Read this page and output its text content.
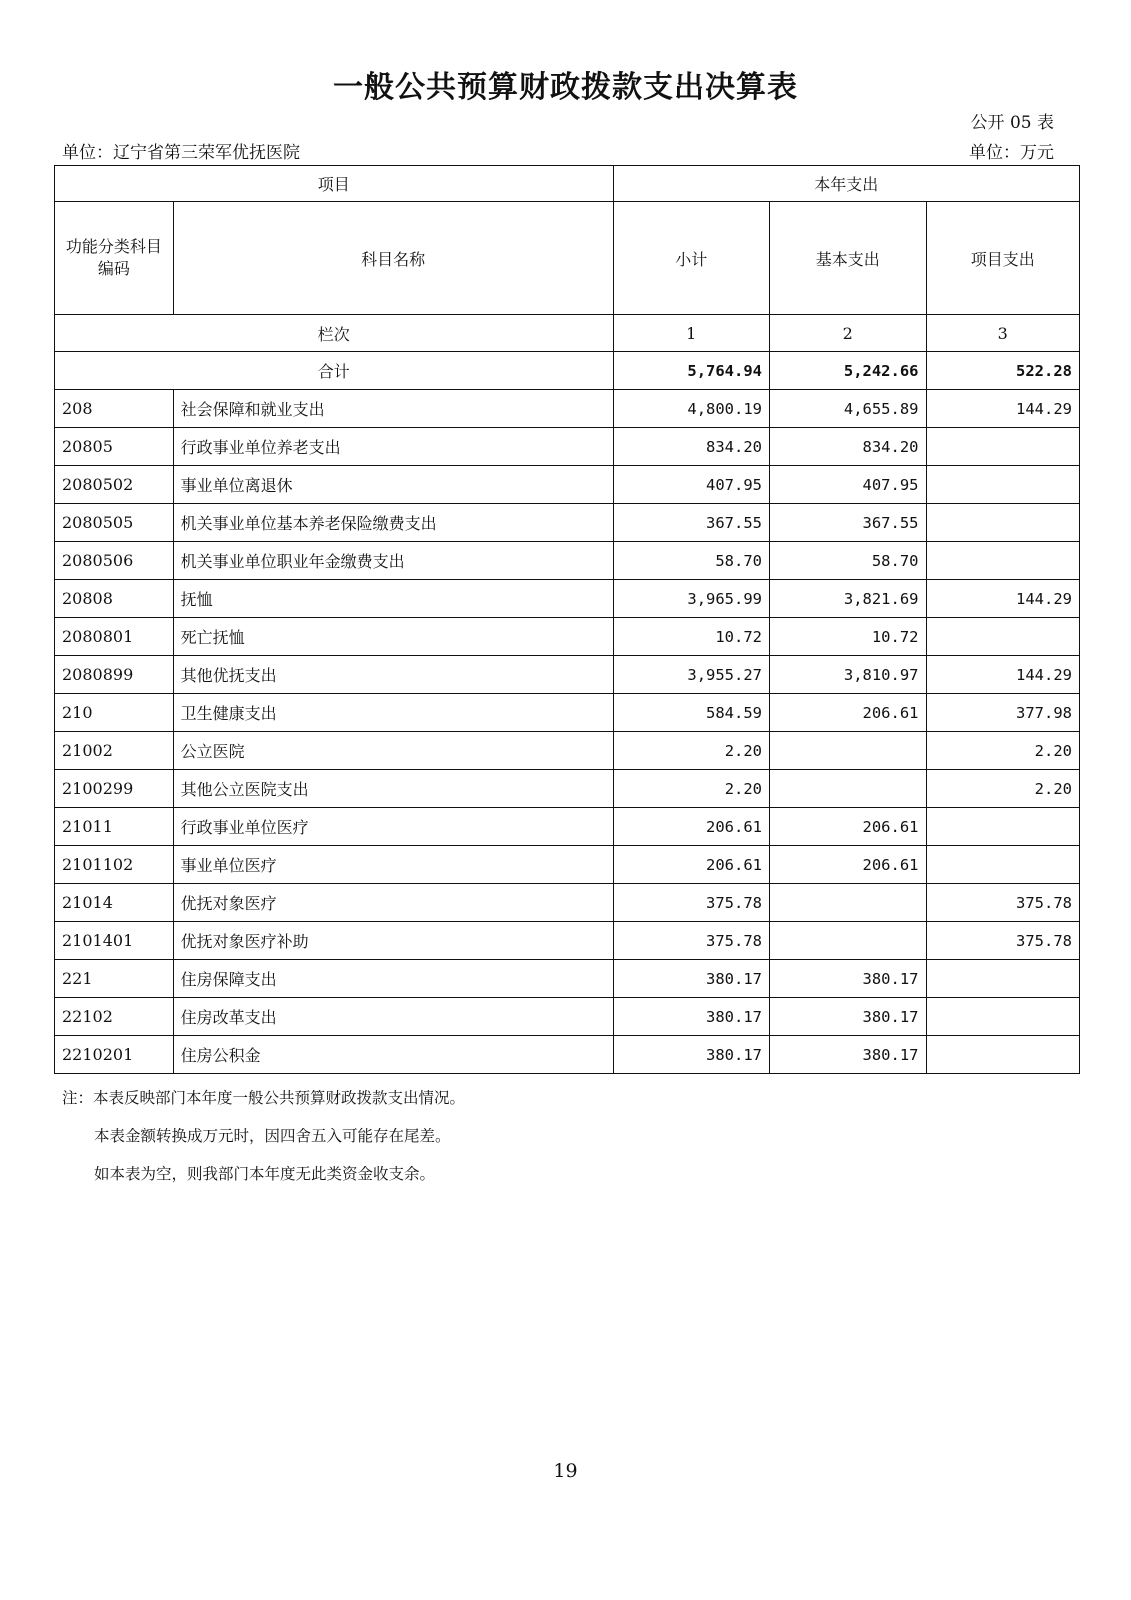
一般公共预算财政拨款支出决算表
公开 05 表
单位：辽宁省第三荣军优抚医院	单位：万元
项目		本年支出		
功能分类科目编码	科目名称	小计	基本支出	项目支出
栏次		1	2	3
合计		5,764.94	5,242.66	522.28
208	社会保障和就业支出	4,800.19	4,655.89	144.29
20805	行政事业单位养老支出	834.20	834.20	
2080502	事业单位离退休	407.95	407.95	
2080505	机关事业单位基本养老保险缴费支出	367.55	367.55	
2080506	机关事业单位职业年金缴费支出	58.70	58.70	
20808	抚恤	3,965.99	3,821.69	144.29
2080801	死亡抚恤	10.72	10.72	
2080899	其他优抚支出	3,955.27	3,810.97	144.29
210	卫生健康支出	584.59	206.61	377.98
21002	公立医院	2.20		2.20
2100299	其他公立医院支出	2.20		2.20
21011	行政事业单位医疗	206.61	206.61	
2101102	事业单位医疗	206.61	206.61	
21014	优抚对象医疗	375.78		375.78
2101401	优抚对象医疗补助	375.78		375.78
221	住房保障支出	380.17	380.17	
22102	住房改革支出	380.17	380.17	
2210201	住房公积金	380.17	380.17	
注：本表反映部门本年度一般公共预算财政拨款支出情况。
本表金额转换成万元时，因四舍五入可能存在尾差。
如本表为空，则我部门本年度无此类资金收支余。
19
